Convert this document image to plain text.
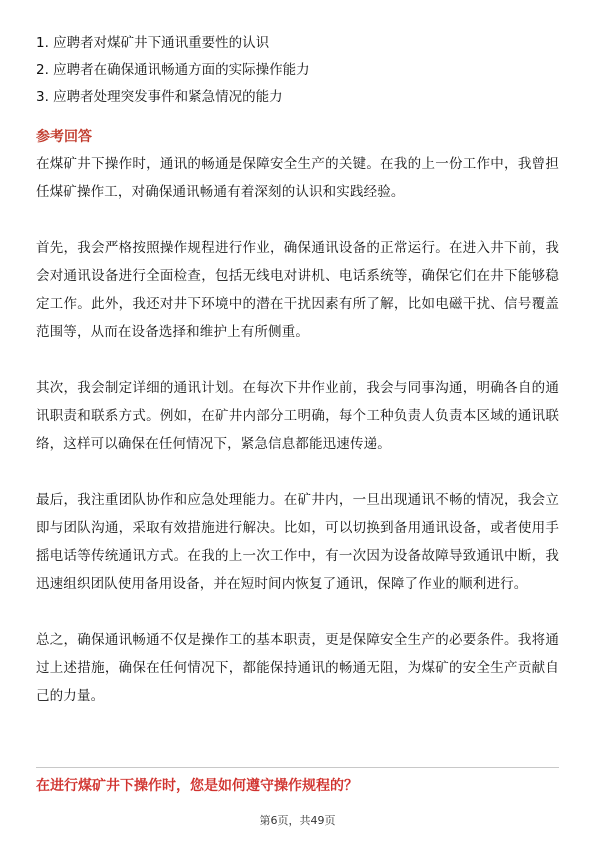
1. 应聘者对煤矿井下通讯重要性的认识
2. 应聘者在确保通讯畅通方面的实际操作能力
3. 应聘者处理突发事件和紧急情况的能力
参考回答

在煤矿井下操作时，通讯的畅通是保障安全生产的关键。在我的上一份工作中，我曾担任煤矿操作工，对确保通讯畅通有着深刻的认识和实践经验。

首先，我会严格按照操作规程进行作业，确保通讯设备的正常运行。在进入井下前，我会对通讯设备进行全面检查，包括无线电对讲机、电话系统等，确保它们在井下能够稳定工作。此外，我还对井下环境中的潜在干扰因素有所了解，比如电磁干扰、信号覆盖范围等，从而在设备选择和维护上有所侧重。

其次，我会制定详细的通讯计划。在每次下井作业前，我会与同事沟通，明确各自的通讯职责和联系方式。例如，在矿井内部分工明确，每个工种负责人负责本区域的通讯联络，这样可以确保在任何情况下，紧急信息都能迅速传递。

最后，我注重团队协作和应急处理能力。在矿井内，一旦出现通讯不畅的情况，我会立即与团队沟通，采取有效措施进行解决。比如，可以切换到备用通讯设备，或者使用手摇电话等传统通讯方式。在我的上一次工作中，有一次因为设备故障导致通讯中断，我迅速组织团队使用备用设备，并在短时间内恢复了通讯，保障了作业的顺利进行。

总之，确保通讯畅通不仅是操作工的基本职责，更是保障安全生产的必要条件。我将通过上述措施，确保在任何情况下，都能保持通讯的畅通无阻，为煤矿的安全生产贡献自己的力量。

在进行煤矿井下操作时，您是如何遵守操作规程的？
第6页，共49页
